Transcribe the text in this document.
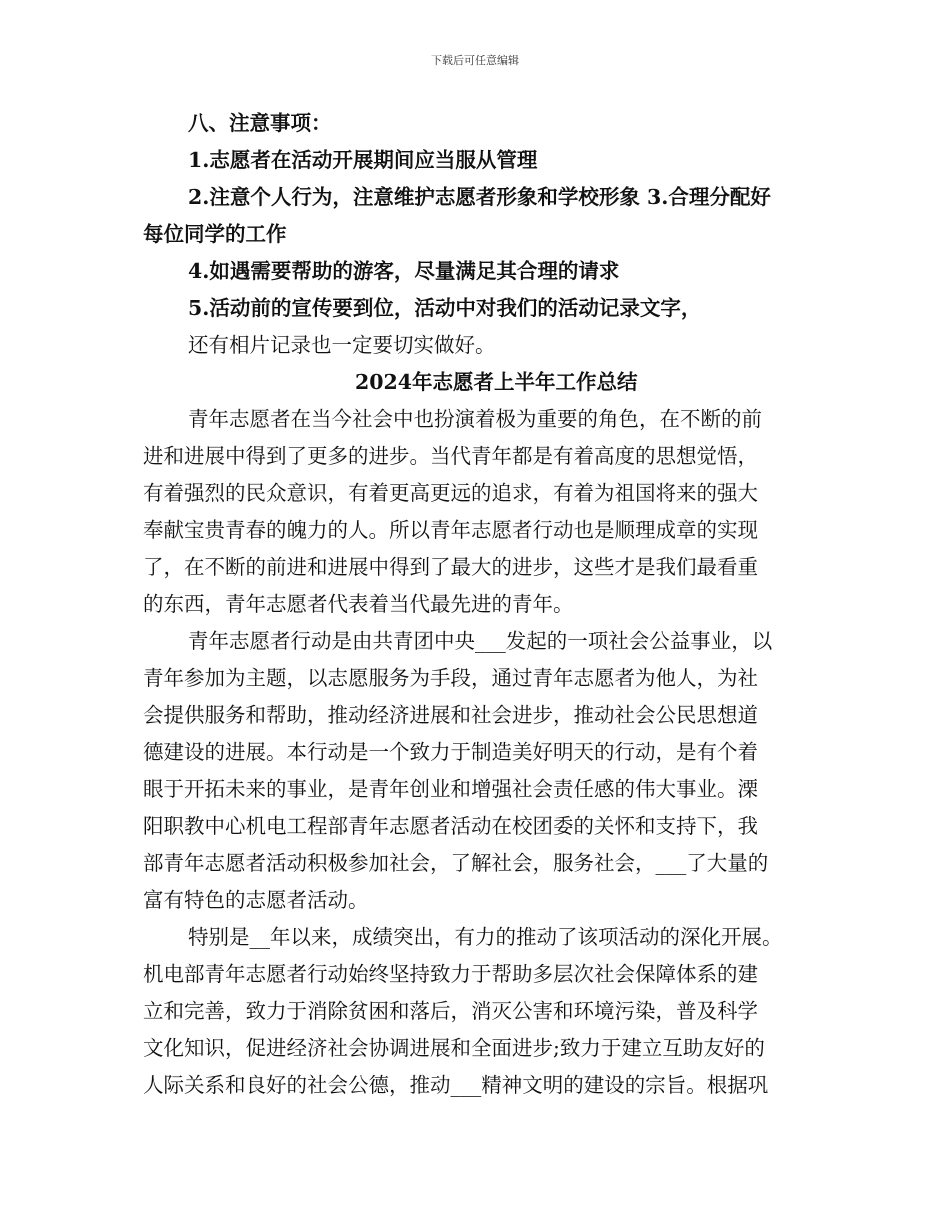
下载后可任意编辑
八、注意事项：
1.志愿者在活动开展期间应当服从管理
2.注意个人行为，注意维护志愿者形象和学校形象 3.合理分配好
每位同学的工作
4.如遇需要帮助的游客，尽量满足其合理的请求
5.活动前的宣传要到位，活动中对我们的活动记录文字，
还有相片记录也一定要切实做好。
2024年志愿者上半年工作总结
青年志愿者在当今社会中也扮演着极为重要的角色，在不断的前
进和进展中得到了更多的进步。当代青年都是有着高度的思想觉悟，
有着强烈的民众意识，有着更高更远的追求，有着为祖国将来的强大
奉献宝贵青春的魄力的人。所以青年志愿者行动也是顺理成章的实现
了，在不断的前进和进展中得到了最大的进步，这些才是我们最看重
的东西，青年志愿者代表着当代最先进的青年。
青年志愿者行动是由共青团中央___发起的一项社会公益事业，以
青年参加为主题，以志愿服务为手段，通过青年志愿者为他人，为社
会提供服务和帮助，推动经济进展和社会进步，推动社会公民思想道
德建设的进展。本行动是一个致力于制造美好明天的行动，是有个着
眼于开拓未来的事业，是青年创业和增强社会责任感的伟大事业。溧
阳职教中心机电工程部青年志愿者活动在校团委的关怀和支持下，我
部青年志愿者活动积极参加社会，了解社会，服务社会，___了大量的
富有特色的志愿者活动。
特别是__年以来，成绩突出，有力的推动了该项活动的深化开展。
机电部青年志愿者行动始终坚持致力于帮助多层次社会保障体系的建
立和完善，致力于消除贫困和落后，消灭公害和环境污染，普及科学
文化知识，促进经济社会协调进展和全面进步;致力于建立互助友好的
人际关系和良好的社会公德，推动___精神文明的建设的宗旨。根据巩
